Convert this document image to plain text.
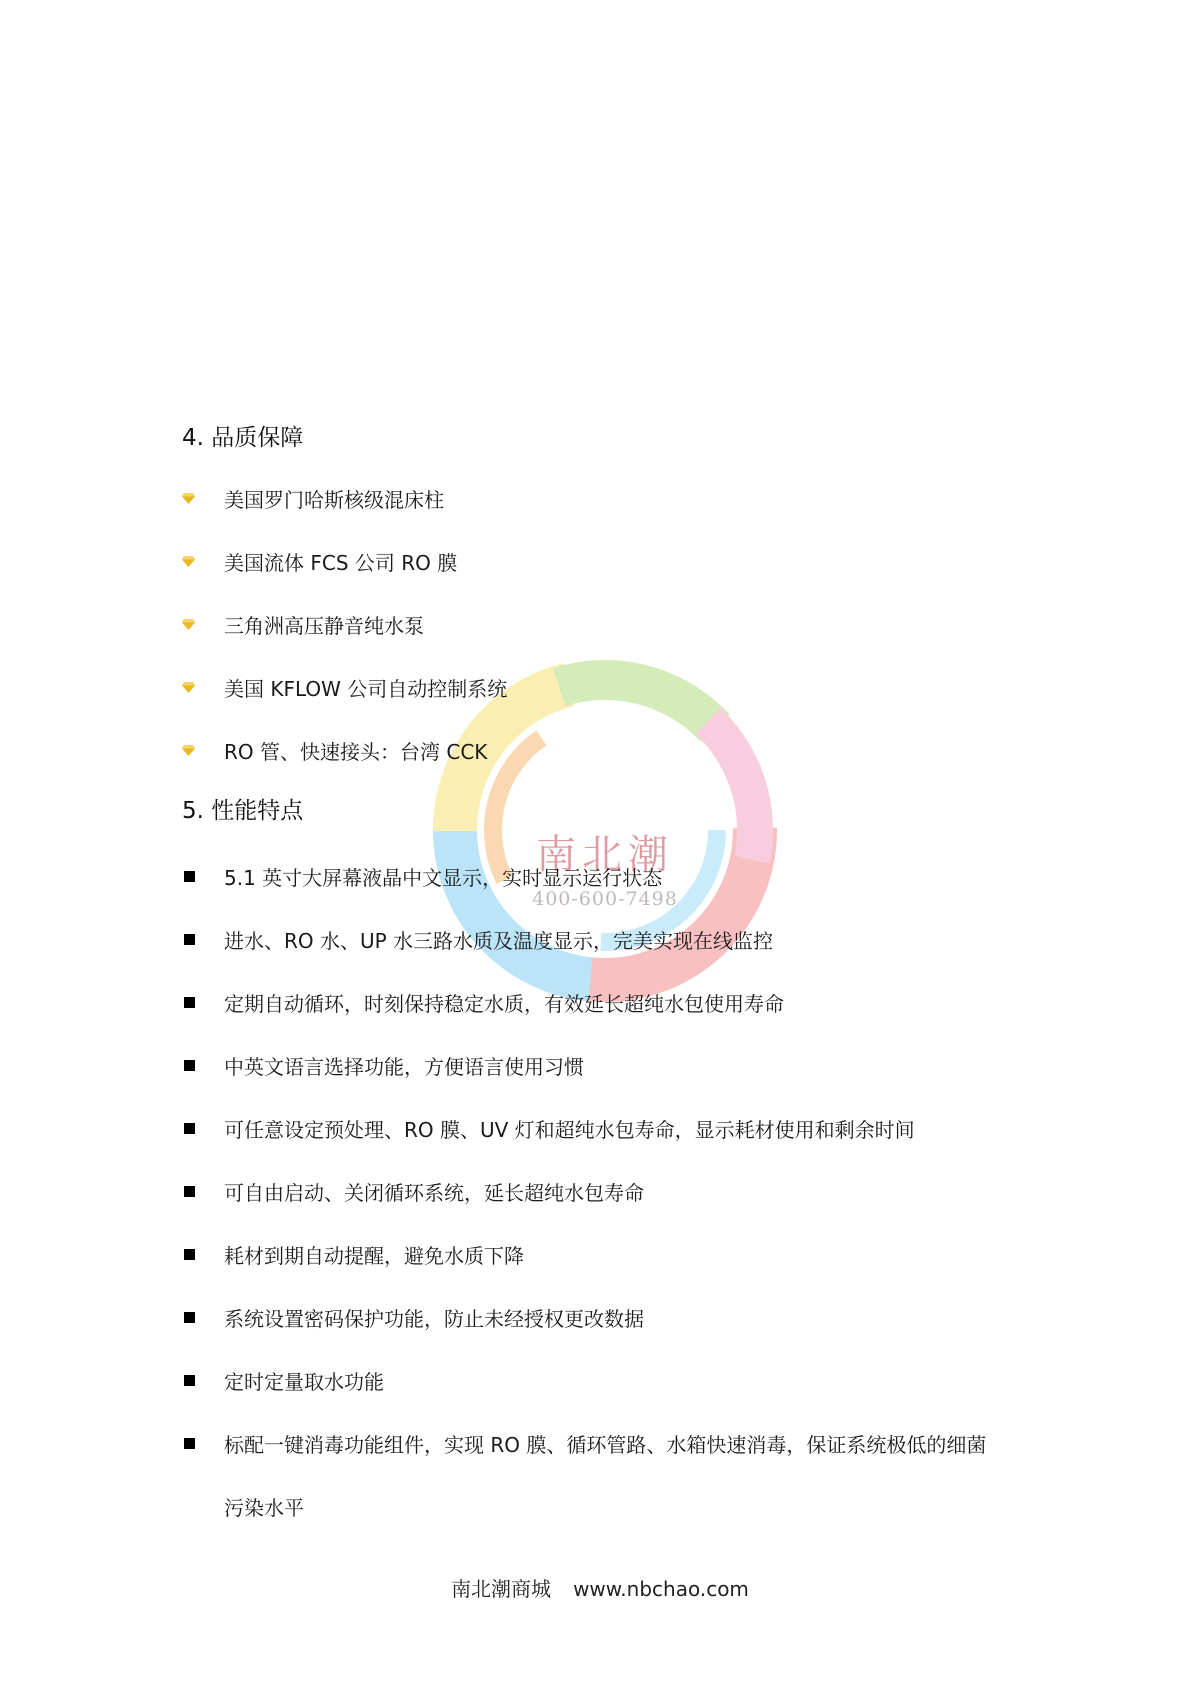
南北潮
400-600-7498
4. 品质保障
美国罗门哈斯核级混床柱
美国流体 FCS 公司 RO 膜
三角洲高压静音纯水泵
美国 KFLOW 公司自动控制系统
RO 管、快速接头：台湾 CCK
5. 性能特点
5.1 英寸大屏幕液晶中文显示，实时显示运行状态
进水、RO 水、UP 水三路水质及温度显示，完美实现在线监控
定期自动循环，时刻保持稳定水质，有效延长超纯水包使用寿命
中英文语言选择功能，方便语言使用习惯
可任意设定预处理、RO 膜、UV 灯和超纯水包寿命，显示耗材使用和剩余时间
可自由启动、关闭循环系统，延长超纯水包寿命
耗材到期自动提醒，避免水质下降
系统设置密码保护功能，防止未经授权更改数据
定时定量取水功能
标配一键消毒功能组件，实现 RO 膜、循环管路、水箱快速消毒，保证系统极低的细菌
污染水平
南北潮商城 www.nbchao.com
